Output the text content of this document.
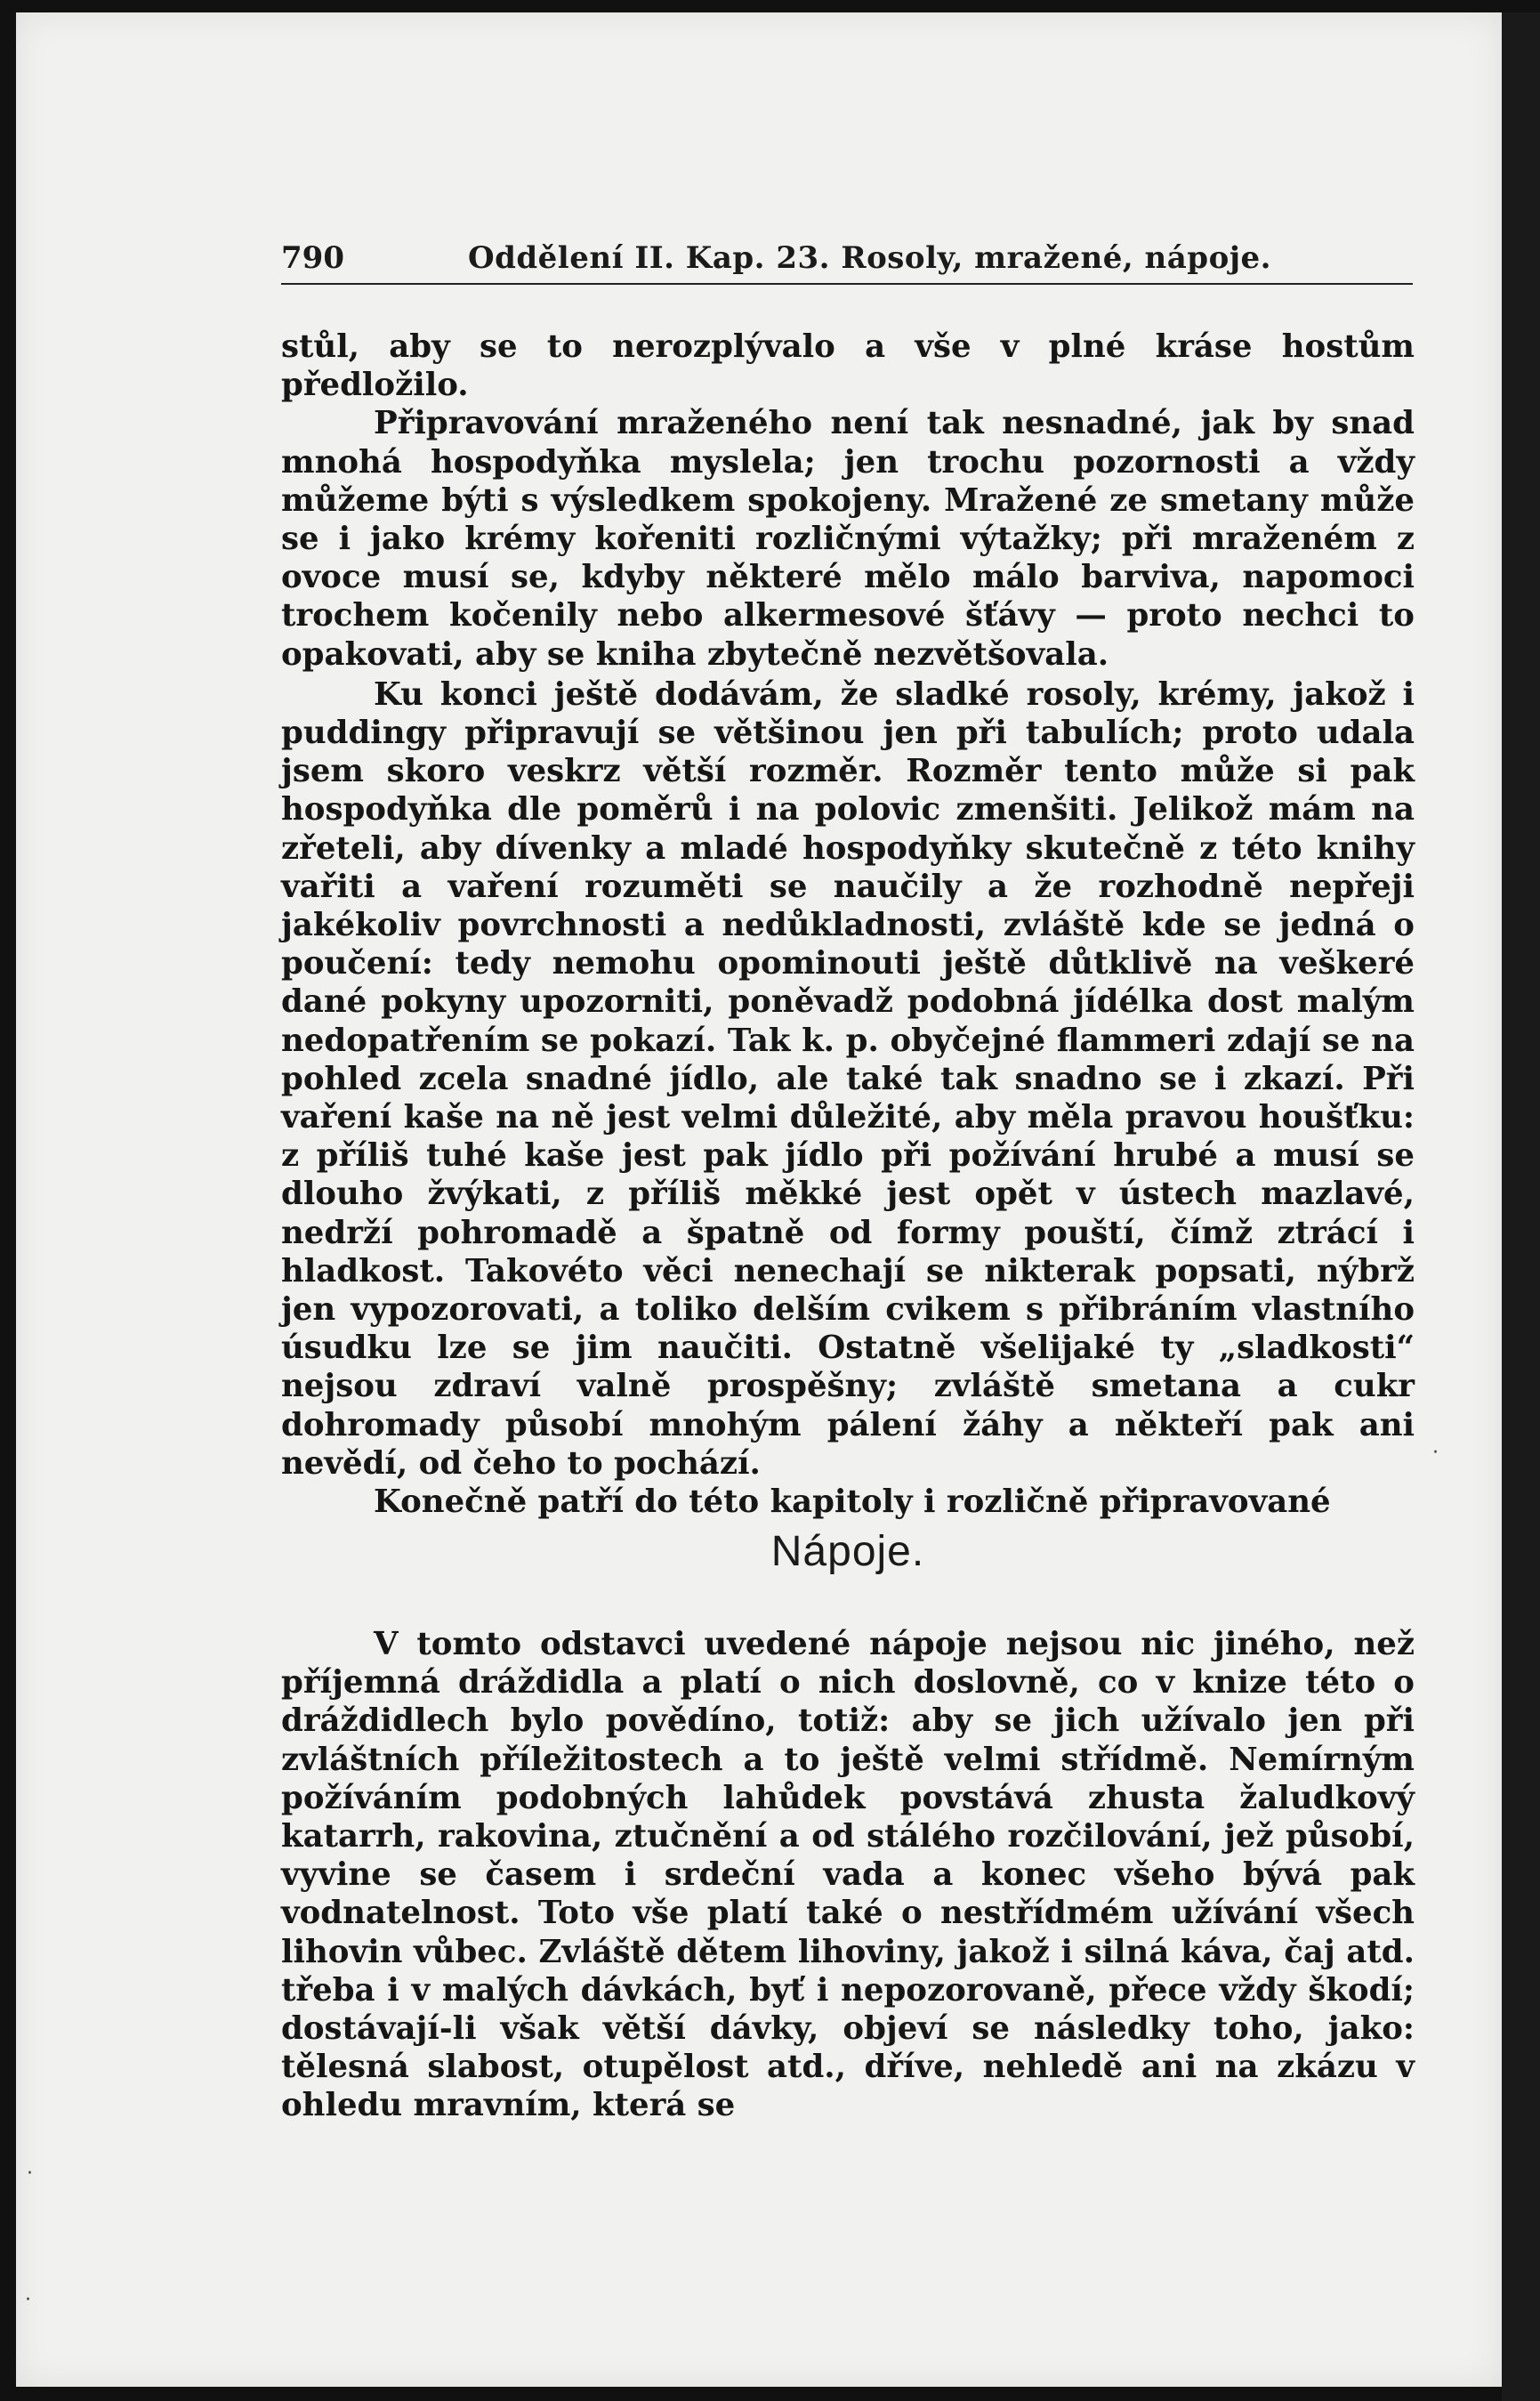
790	Oddělení II. Kap. 23. Rosoly, mražené, nápoje.

stůl, aby se to nerozplývalo a vše v plné kráse hostům předložilo.

Připravování mraženého není tak nesnadné, jak by snad mnohá hospodyňka myslela; jen trochu pozornosti a vždy můžeme býti s výsledkem spokojeny. Mražené ze smetany může se i jako krémy kořeniti rozličnými výtažky; při mraženém z ovoce musí se, kdyby některé mělo málo barviva, napomoci trochem kočenily nebo alkermesové šťávy — proto nechci to opakovati, aby se kniha zbytečně nezvětšovala.

Ku konci ještě dodávám, že sladké rosoly, krémy, jakož i puddingy připravují se většinou jen při tabulích; proto udala jsem skoro veskrz větší rozměr. Rozměr tento může si pak hospodyňka dle poměrů i na polovic zmenšiti. Jelikož mám na zřeteli, aby dívenky a mladé hospodyňky skutečně z této knihy vařiti a vaření rozuměti se naučily a že rozhodně nepřeji jakékoliv povrchnosti a nedůkladnosti, zvláště kde se jedná o poučení: tedy nemohu opominouti ještě důtklivě na veškeré dané pokyny upozorniti, poněvadž podobná jídélka dost malým nedopatřením se pokazí. Tak k. p. obyčejné flammeri zdají se na pohled zcela snadné jídlo, ale také tak snadno se i zkazí. Při vaření kaše na ně jest velmi důležité, aby měla pravou houšťku: z příliš tuhé kaše jest pak jídlo při požívání hrubé a musí se dlouho žvýkati, z příliš měkké jest opět v ústech mazlavé, nedrží pohromadě a špatně od formy pouští, čímž ztrácí i hladkost. Takovéto věci nenechají se nikterak popsati, nýbrž jen vypozorovati, a toliko delším cvikem s přibráním vlastního úsudku lze se jim naučiti. Ostatně všelijaké ty „sladkosti“ nejsou zdraví valně prospěšny; zvláště smetana a cukr dohromady působí mnohým pálení žáhy a někteří pak ani nevědí, od čeho to pochází.

Konečně patří do této kapitoly i rozličně připravované

Nápoje.

V tomto odstavci uvedené nápoje nejsou nic jiného, než příjemná dráždidla a platí o nich doslovně, co v knize této o dráždidlech bylo povědíno, totiž: aby se jich užívalo jen při zvláštních příležitostech a to ještě velmi střídmě. Nemírným požíváním podobných lahůdek povstává zhusta žaludkový katarrh, rakovina, ztučnění a od stálého rozčilování, jež působí, vyvine se časem i srdeční vada a konec všeho bývá pak vodnatelnost. Toto vše platí také o nestřídmém užívání všech lihovin vůbec. Zvláště dětem lihoviny, jakož i silná káva, čaj atd. třeba i v malých dávkách, byť i nepozorovaně, přece vždy škodí; dostávají-li však větší dávky, objeví se následky toho, jako: tělesná slabost, otupělost atd., dříve, nehledě ani na zkázu v ohledu mravním, která se

·
·
·
